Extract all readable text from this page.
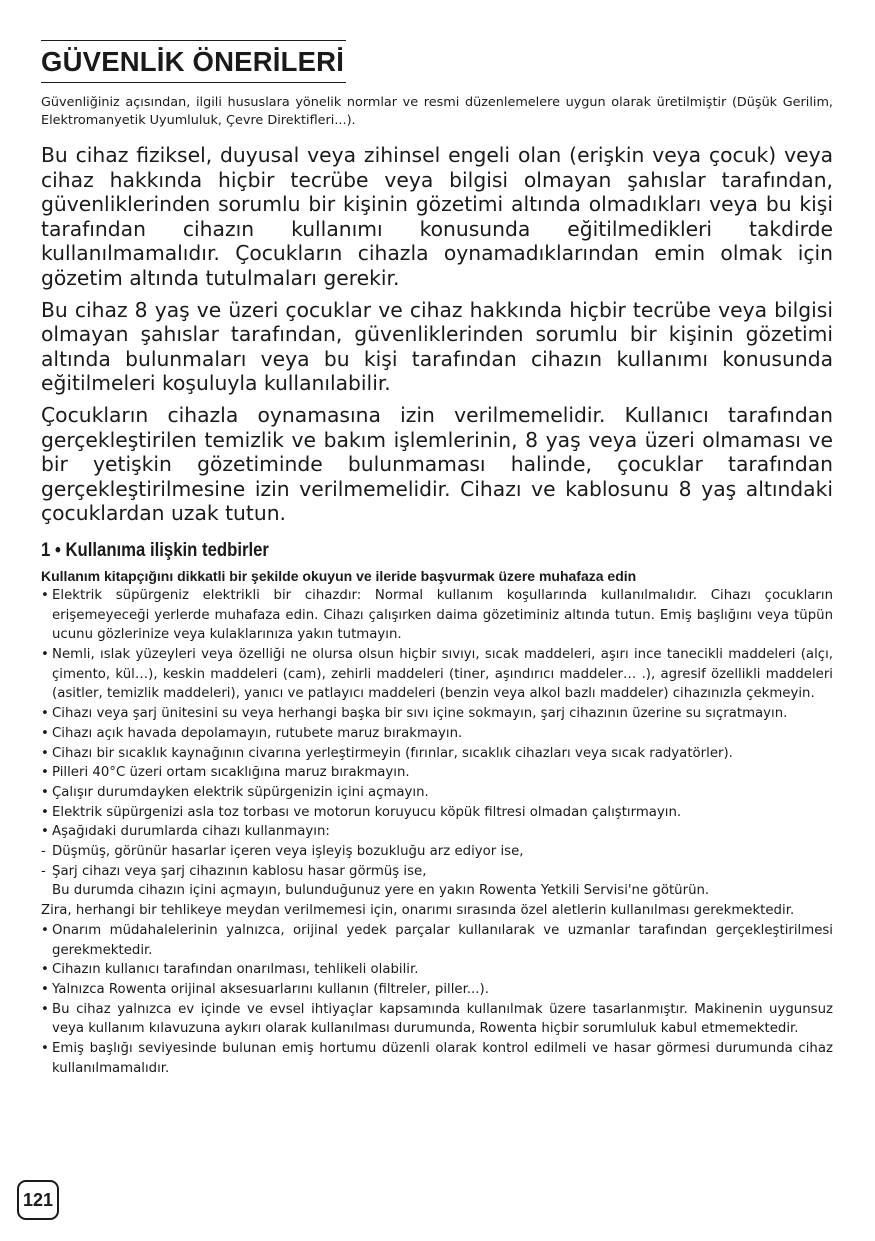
GÜVENLİK ÖNERİLERİ

Güvenliğiniz açısından, ilgili hususlara yönelik normlar ve resmi düzenlemelere uygun olarak üretilmiştir (Düşük Gerilim, Elektromanyetik Uyumluluk, Çevre Direktifleri...).

Bu cihaz fiziksel, duyusal veya zihinsel engeli olan (erişkin veya çocuk) veya cihaz hakkında hiçbir tecrübe veya bilgisi olmayan şahıslar tarafından, güvenliklerinden sorumlu bir kişinin gözetimi altında olmadıkları veya bu kişi tarafından cihazın kullanımı konusunda eğitilmedikleri takdirde kullanılmamalıdır. Çocukların cihazla oynamadıklarından emin olmak için gözetim altında tutulmaları gerekir.

Bu cihaz 8 yaş ve üzeri çocuklar ve cihaz hakkında hiçbir tecrübe veya bilgisi olmayan şahıslar tarafından, güvenliklerinden sorumlu bir kişinin gözetimi altında bulunmaları veya bu kişi tarafından cihazın kullanımı konusunda eğitilmeleri koşuluyla kullanılabilir.

Çocukların cihazla oynamasına izin verilmemelidir. Kullanıcı tarafından gerçekleştirilen temizlik ve bakım işlemlerinin, 8 yaş veya üzeri olmaması ve bir yetişkin gözetiminde bulunmaması halinde, çocuklar tarafından gerçekleştirilmesine izin verilmemelidir. Cihazı ve kablosunu 8 yaş altındaki çocuklardan uzak tutun.

1 • Kullanıma ilişkin tedbirler
Kullanım kitapçığını dikkatli bir şekilde okuyun ve ileride başvurmak üzere muhafaza edin
• Elektrik süpürgeniz elektrikli bir cihazdır: Normal kullanım koşullarında kullanılmalıdır. Cihazı çocukların erişemeyeceği yerlerde muhafaza edin. Cihazı çalışırken daima gözetiminiz altında tutun. Emiş başlığını veya tüpün ucunu gözlerinize veya kulaklarınıza yakın tutmayın.
• Nemli, ıslak yüzeyleri veya özelliği ne olursa olsun hiçbir sıvıyı, sıcak maddeleri, aşırı ince tanecikli maddeleri (alçı, çimento, kül…), keskin maddeleri (cam), zehirli maddeleri (tiner, aşındırıcı maddeler… .), agresif özellikli maddeleri (asitler, temizlik maddeleri), yanıcı ve patlayıcı maddeleri (benzin veya alkol bazlı maddeler) cihazınızla çekmeyin.
• Cihazı veya şarj ünitesini su veya herhangi başka bir sıvı içine sokmayın, şarj cihazının üzerine su sıçratmayın.
• Cihazı açık havada depolamayın, rutubete maruz bırakmayın.
• Cihazı bir sıcaklık kaynağının civarına yerleştirmeyin (fırınlar, sıcaklık cihazları veya sıcak radyatörler).
• Pilleri 40°C üzeri ortam sıcaklığına maruz bırakmayın.
• Çalışır durumdayken elektrik süpürgenizin içini açmayın.
• Elektrik süpürgenizi asla toz torbası ve motorun koruyucu köpük filtresi olmadan çalıştırmayın.
• Aşağıdaki durumlarda cihazı kullanmayın:
- Düşmüş, görünür hasarlar içeren veya işleyiş bozukluğu arz ediyor ise,
- Şarj cihazı veya şarj cihazının kablosu hasar görmüş ise,
Bu durumda cihazın içini açmayın, bulunduğunuz yere en yakın Rowenta Yetkili Servisi'ne götürün.
Zira, herhangi bir tehlikeye meydan verilmemesi için, onarımı sırasında özel aletlerin kullanılması gerekmektedir.
• Onarım müdahalelerinin yalnızca, orijinal yedek parçalar kullanılarak ve uzmanlar tarafından gerçekleştirilmesi gerekmektedir.
• Cihazın kullanıcı tarafından onarılması, tehlikeli olabilir.
• Yalnızca Rowenta orijinal aksesuarlarını kullanın (filtreler, piller...).
• Bu cihaz yalnızca ev içinde ve evsel ihtiyaçlar kapsamında kullanılmak üzere tasarlanmıştır. Makinenin uygunsuz veya kullanım kılavuzuna aykırı olarak kullanılması durumunda, Rowenta hiçbir sorumluluk kabul etmemektedir.
• Emiş başlığı seviyesinde bulunan emiş hortumu düzenli olarak kontrol edilmeli ve hasar görmesi durumunda cihaz kullanılmamalıdır.
121
